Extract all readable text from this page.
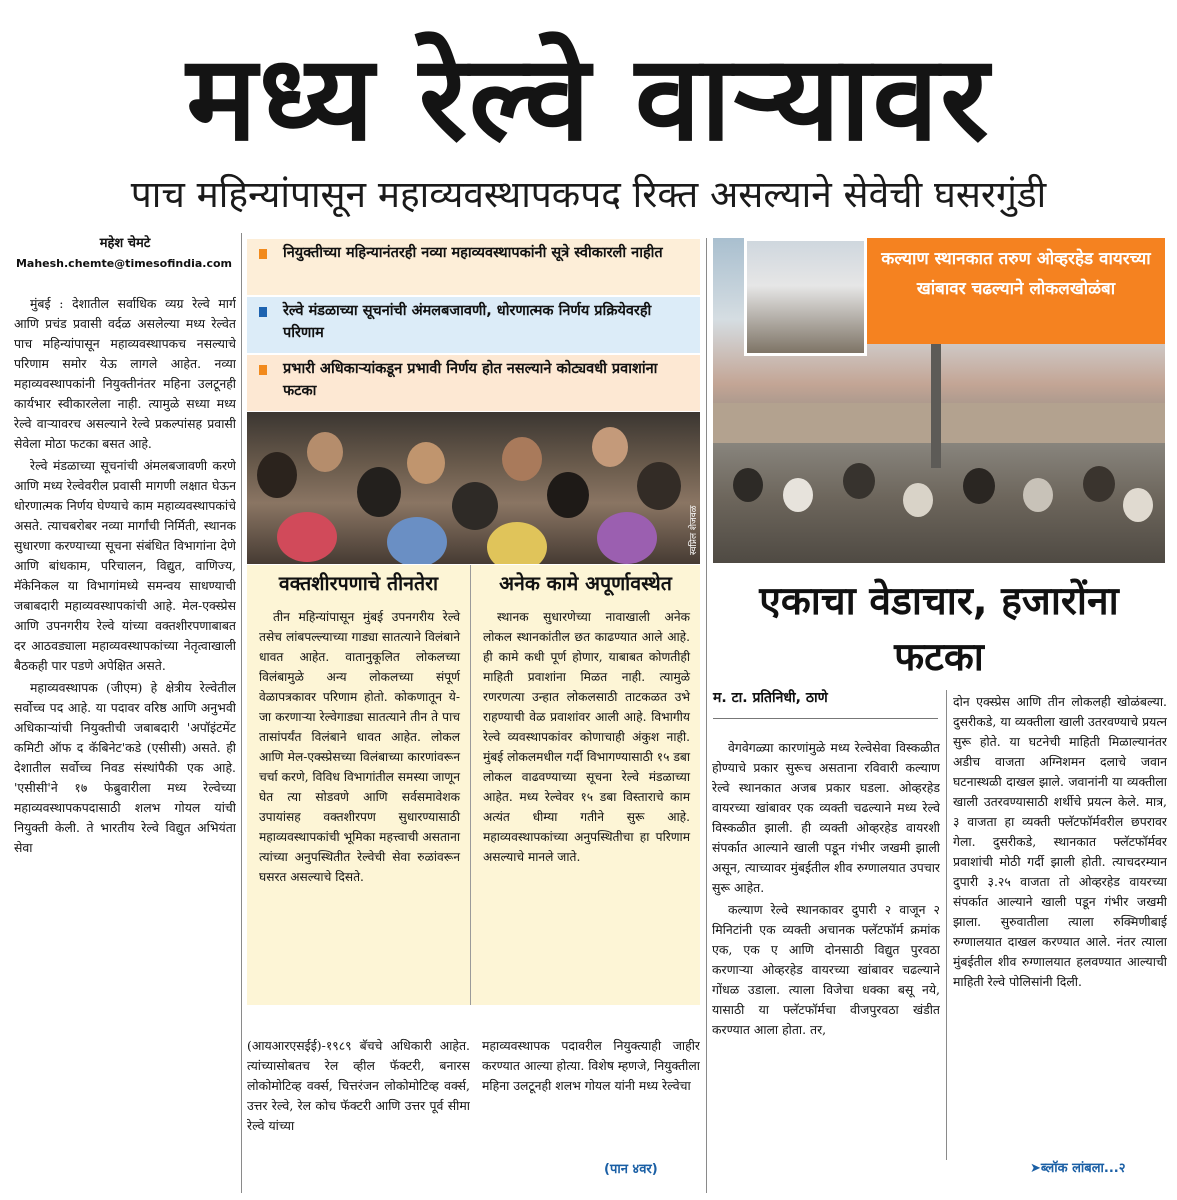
मध्य रेल्वे वाऱ्यावर
पाच महिन्यांपासून महाव्यवस्थापकपद रिक्त असल्याने सेवेची घसरगुंडी
महेश चेमटे
Mahesh.chemte@timesofindia.com

मुंबई : देशातील सर्वाधिक व्यग्र रेल्वे मार्ग आणि प्रचंड प्रवासी वर्दळ असलेल्या मध्य रेल्वेत पाच महिन्यांपासून महाव्यवस्थापकच नसल्याचे परिणाम समोर येऊ लागले आहेत. नव्या महाव्यवस्थापकांनी नियुक्तीनंतर महिना उलटूनही कार्यभार स्वीकारलेला नाही. त्यामुळे सध्या मध्य रेल्वे वाऱ्यावरच असल्याने रेल्वे प्रकल्पांसह प्रवासी सेवेला मोठा फटका बसत आहे.

रेल्वे मंडळाच्या सूचनांची अंमलबजावणी करणे आणि मध्य रेल्वेवरील प्रवासी मागणी लक्षात घेऊन धोरणात्मक निर्णय घेण्याचे काम महाव्यवस्थापकांचे असते. त्याचबरोबर नव्या मार्गांची निर्मिती, स्थानक सुधारणा करण्याच्या सूचना संबंधित विभागांना देणे आणि बांधकाम, परिचालन, विद्युत, वाणिज्य, मॅकेनिकल या विभागांमध्ये समन्वय साधण्याची जबाबदारी महाव्यवस्थापकांची आहे. मेल-एक्स्प्रेस आणि उपनगरीय रेल्वे यांच्या वक्तशीरपणाबाबत दर आठवड्याला महाव्यवस्थापकांच्या नेतृत्वाखाली बैठकही पार पडणे अपेक्षित असते.

महाव्यवस्थापक (जीएम) हे क्षेत्रीय रेल्वेतील सर्वोच्च पद आहे. या पदावर वरिष्ठ आणि अनुभवी अधिकाऱ्यांची नियुक्तीची जबाबदारी 'अपॉइंटमेंट कमिटी ऑफ द कॅबिनेट'कडे (एसीसी) असते. ही देशातील सर्वोच्च निवड संस्थांपैकी एक आहे. 'एसीसी'ने १७ फेब्रुवारीला मध्य रेल्वेच्या महाव्यवस्थापकपदासाठी शलभ गोयल यांची नियुक्ती केली. ते भारतीय रेल्वे विद्युत अभियंता सेवा

नियुक्तीच्या महिन्यानंतरही नव्या महाव्यवस्थापकांनी सूत्रे स्वीकारली नाहीत
रेल्वे मंडळाच्या सूचनांची अंमलबजावणी, धोरणात्मक निर्णय प्रक्रियेवरही परिणाम
प्रभारी अधिकाऱ्यांकडून प्रभावी निर्णय होत नसल्याने कोट्यवधी प्रवाशांना फटका
वक्तशीरपणाचे तीनतेरा

तीन महिन्यांपासून मुंबई उपनगरीय रेल्वे तसेच लांबपल्ल्याच्या गाड्या सातत्याने विलंबाने धावत आहेत. वातानुकूलित लोकलच्या विलंबामुळे अन्य लोकलच्या संपूर्ण वेळापत्रकावर परिणाम होतो. कोकणातून ये-जा करणाऱ्या रेल्वेगाड्या सातत्याने तीन ते पाच तासांपर्यंत विलंबाने धावत आहेत. लोकल आणि मेल-एक्स्प्रेसच्या विलंबाच्या कारणांवरून चर्चा करणे, विविध विभागांतील समस्या जाणून घेत त्या सोडवणे आणि सर्वसमावेशक उपायांसह वक्तशीरपण सुधारण्यासाठी महाव्यवस्थापकांची भूमिका महत्त्वाची असताना त्यांच्या अनुपस्थितीत रेल्वेची सेवा रुळांवरून घसरत असल्याचे दिसते.

अनेक कामे अपूर्णावस्थेत

स्थानक सुधारणेच्या नावाखाली अनेक लोकल स्थानकांतील छत काढण्यात आले आहे. ही कामे कधी पूर्ण होणार, याबाबत कोणतीही माहिती प्रवाशांना मिळत नाही. त्यामुळे रणरणत्या उन्हात लोकलसाठी ताटकळत उभे राहण्याची वेळ प्रवाशांवर आली आहे. विभागीय रेल्वे व्यवस्थापकांवर कोणाचाही अंकुश नाही. मुंबई लोकलमधील गर्दी विभागण्यासाठी १५ डबा लोकल वाढवण्याच्या सूचना रेल्वे मंडळाच्या आहेत. मध्य रेल्वेवर १५ डबा विस्ताराचे काम अत्यंत धीम्या गतीने सुरू आहे. महाव्यवस्थापकांच्या अनुपस्थितीचा हा परिणाम असल्याचे मानले जाते.

(आयआरएसईई)-१९८९ बॅचचे अधिकारी आहेत. त्यांच्यासोबतच रेल व्हील फॅक्टरी, बनारस लोकोमोटिव्ह वर्क्स, चित्तरंजन लोकोमोटिव्ह वर्क्स, उत्तर रेल्वे, रेल कोच फॅक्टरी आणि उत्तर पूर्व सीमा रेल्वे यांच्या

महाव्यवस्थापक पदावरील नियुक्त्याही जाहीर करण्यात आल्या होत्या. विशेष म्हणजे, नियुक्तीला महिना उलटूनही शलभ गोयल यांनी मध्य रेल्वेचा

(पान ४वर)
कल्याण स्थानकात तरुण ओव्हरहेड वायरच्या खांबावर चढल्याने लोकलखोळंबा
स्वप्निल शेजवळ
एकाचा वेडाचार, हजारोंना फटका
म. टा. प्रतिनिधी, ठाणे

वेगवेगळ्या कारणांमुळे मध्य रेल्वेसेवा विस्कळीत होण्याचे प्रकार सुरूच असताना रविवारी कल्याण रेल्वे स्थानकात अजब प्रकार घडला. ओव्हरहेड वायरच्या खांबावर एक व्यक्ती चढल्याने मध्य रेल्वे विस्कळीत झाली. ही व्यक्ती ओव्हरहेड वायरशी संपर्कात आल्याने खाली पडून गंभीर जखमी झाली असून, त्याच्यावर मुंबईतील शीव रुग्णालयात उपचार सुरू आहेत.

कल्याण रेल्वे स्थानकावर दुपारी २ वाजून २ मिनिटांनी एक व्यक्ती अचानक फ्लॅटफॉर्म क्रमांक एक, एक ए आणि दोनसाठी विद्युत पुरवठा करणाऱ्या ओव्हरहेड वायरच्या खांबावर चढल्याने गोंधळ उडाला. त्याला विजेचा धक्का बसू नये, यासाठी या फ्लॅटफॉर्मचा वीजपुरवठा खंडीत करण्यात आला होता. तर,

दोन एक्स्प्रेस आणि तीन लोकलही खोळंबल्या. दुसरीकडे, या व्यक्तीला खाली उतरवण्याचे प्रयत्न सुरू होते. या घटनेची माहिती मिळाल्यानंतर अडीच वाजता अग्निशमन दलाचे जवान घटनास्थळी दाखल झाले. जवानांनी या व्यक्तीला खाली उतरवण्यासाठी शर्थीचे प्रयत्न केले. मात्र, ३ वाजता हा व्यक्ती फ्लॅटफॉर्मवरील छपरावर गेला. दुसरीकडे, स्थानकात फ्लॅटफॉर्मवर प्रवाशांची मोठी गर्दी झाली होती. त्याचदरम्यान दुपारी ३.२५ वाजता तो ओव्हरहेड वायरच्या संपर्कात आल्याने खाली पडून गंभीर जखमी झाला. सुरुवातीला त्याला रुक्मिणीबाई रुग्णालयात दाखल करण्यात आले. नंतर त्याला मुंबईतील शीव रुग्णालयात हलवण्यात आल्याची माहिती रेल्वे पोलिसांनी दिली.

➤ब्लॉक लांबला...२
